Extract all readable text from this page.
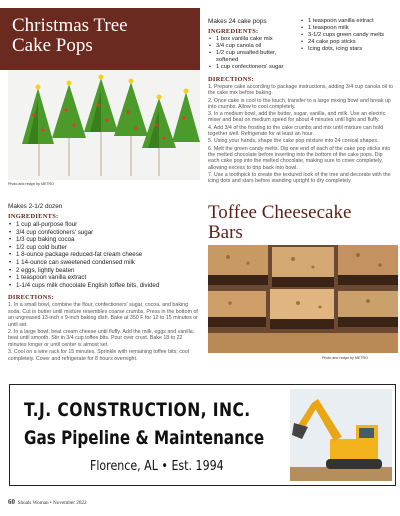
Christmas Tree
Cake Pops
Photo and recipe by METRO
Makes 24 cake pops
INGREDIENTS:
• 1 box vanilla cake mix
• 3/4 cup canola oil
• 1/2 cup unsalted butter, softened
• 1 cup confectioners' sugar
• 1 teaspoon vanilla extract
• 1 teaspoon milk
• 3-1/2 cups green candy melts
• 24 cake pop sticks
• Icing dots, icing stars
DIRECTIONS:

1. Prepare cake according to package instructions, adding 3/4 cup canola oil to the cake mix before baking.

2. Once cake is cool to the touch, transfer to a large mixing bowl and break up into crumbs. Allow to cool completely.

3. In a medium bowl, add the butter, sugar, vanilla, and milk. Use an electric mixer and beat on medium speed for about 4 minutes until light and fluffy.

4. Add 3/4 of the frosting to the cake crumbs and mix until mixture can hold together well. Refrigerate for at least an hour.

5. Using your hands, shape the cake pop mixture into 24 conical shapes.

6. Melt the green candy melts. Dip one end of each of the cake pop sticks into the melted chocolate before inserting into the bottom of the cake pops. Dip each cake pop into the melted chocolate, making sure to cover completely, allowing excess to drip back into bowl.

7. Use a toothpick to create the textured look of the tree and decorate with the icing dots and stars before standing upright to dry completely.

Makes 2-1/2 dozen
INGREDIENTS:
• 1 cup all-purpose flour
• 3/4 cup confectioners' sugar
• 1/3 cup baking cocoa
• 1/2 cup cold butter
• 1 8-ounce package reduced-fat cream cheese
• 1 14-ounce can sweetened condensed milk
• 2 eggs, lightly beaten
• 1 teaspoon vanilla extract
• 1-1/4 cups milk chocolate English toffee bits, divided
DIRECTIONS:

1. In a small bowl, combine the flour, confectioners' sugar, cocoa, and baking soda. Cut in butter until mixture resembles coarse crumbs. Press in the bottom of an ungreased 13-inch x 9-inch baking dish. Bake at 350 F for 12 to 15 minutes or until set.

2. In a large bowl, beat cream cheese until fluffy. Add the milk, eggs and vanilla; beat until smooth. Stir in 3/4 cup toffee bits. Pour over crust. Bake 18 to 22 minutes longer or until center is almost set.

3. Cool on a wire rack for 15 minutes. Sprinkle with remaining toffee bits; cool completely. Cover and refrigerate for 8 hours overnight.

Toffee Cheesecake
Bars
Photo and recipe by METRO
T.J. CONSTRUCTION, INC.
Gas Pipeline & Maintenance
Florence, AL • Est. 1994
60 Shoals Woman • November 2022
